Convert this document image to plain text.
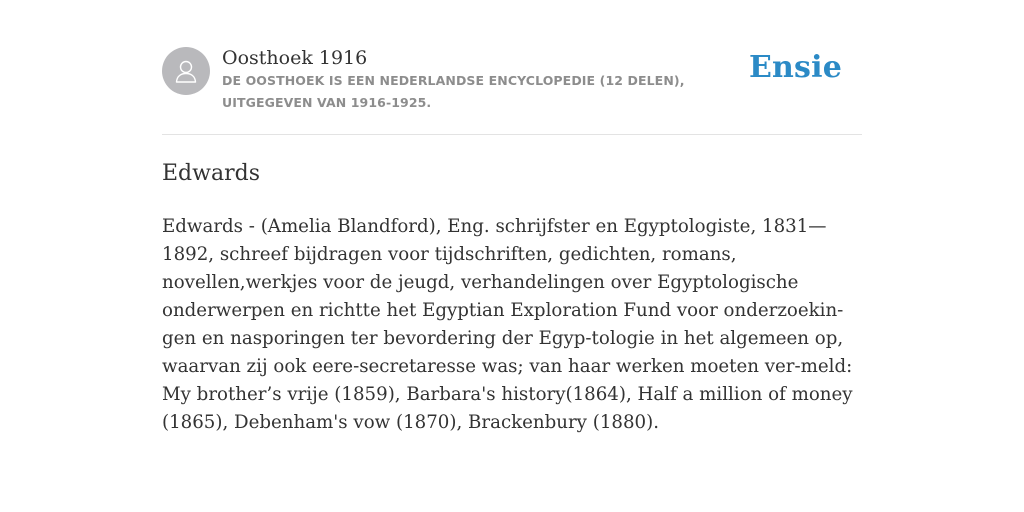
Oosthoek 1916
DE OOSTHOEK IS EEN NEDERLANDSE ENCYCLOPEDIE (12 DELEN), UITGEGEVEN VAN 1916-1925.
Ensie
Edwards
Edwards - (Amelia Blandford), Eng. schrijfster en Egyptologiste, 1831—1892, schreef bijdragen voor tijdschriften, gedichten, romans, novellen,werkjes voor de jeugd, verhandelingen over Egyptologische onderwerpen en richtte het Egyptian Exploration Fund voor onderzoekin-gen en nasporingen ter bevordering der Egyp-tologie in het algemeen op, waarvan zij ook eere-secretaresse was; van haar werken moeten ver-meld: My brother’s vrije (1859), Barbara's history(1864), Half a million of money (1865), Debenham's vow (1870), Brackenbury (1880).
